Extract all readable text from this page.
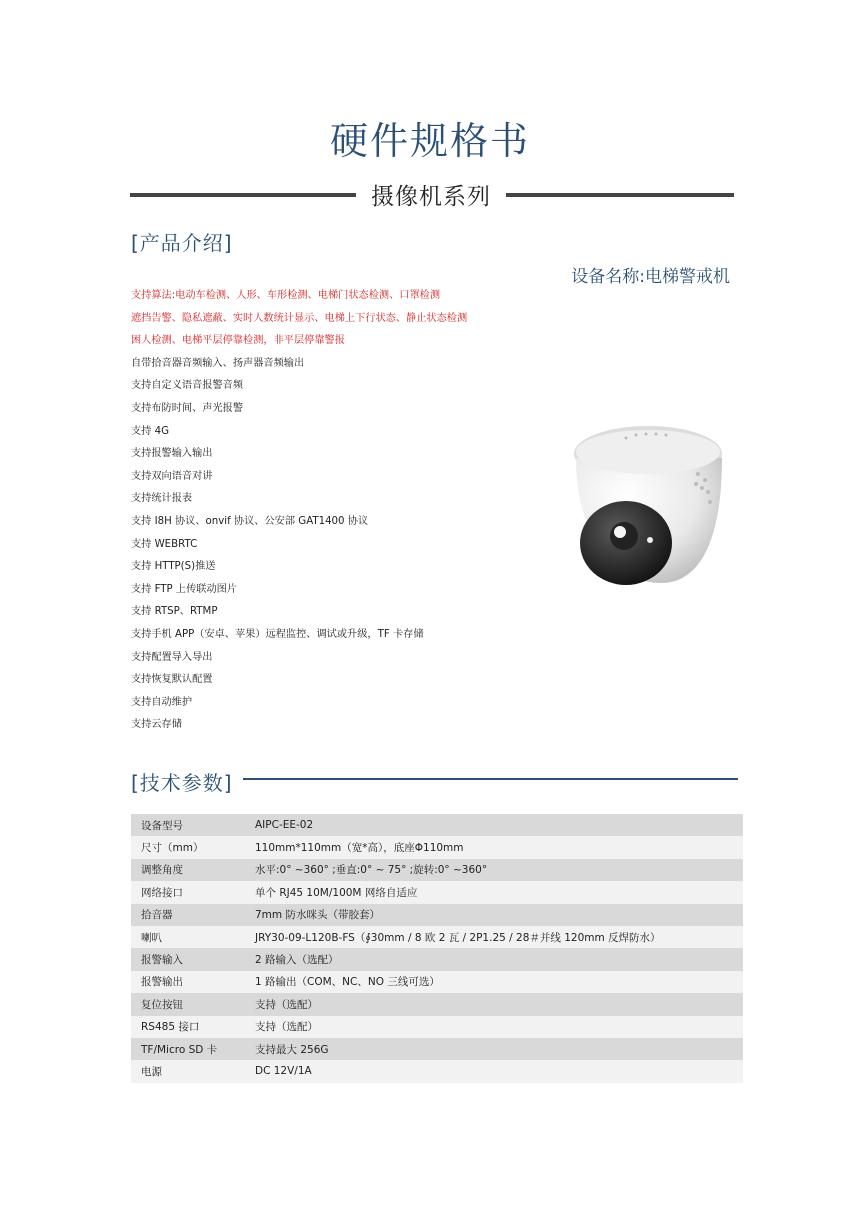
硬件规格书
摄像机系列
[产品介绍]
设备名称:电梯警戒机
支持算法:电动车检测、人形、车形检测、电梯门状态检测、口罩检测
遮挡告警、隐私遮蔽、实时人数统计显示、电梯上下行状态、静止状态检测
困人检测、电梯平层停靠检测，非平层停靠警报
自带拾音器音频输入、扬声器音频输出
支持自定义语音报警音频
支持布防时间、声光报警
支持 4G
支持报警输入输出
支持双向语音对讲
支持统计报表
支持 I8H 协议、onvif 协议、公安部 GAT1400 协议
支持 WEBRTC
支持 HTTP(S)推送
支持 FTP 上传联动图片
支持 RTSP、RTMP
支持手机 APP（安卓、苹果）远程监控、调试或升级，TF 卡存储
支持配置导入导出
支持恢复默认配置
支持自动维护
支持云存储
[技术参数]
设备型号	AIPC-EE-02
尺寸（mm）	110mm*110mm（宽*高），底座Φ110mm
调整角度	水平:0° ~360° ;垂直:0° ~ 75° ;旋转:0° ~360°
网络接口	单个 RJ45 10M/100M 网络自适应
拾音器	7mm 防水咪头（带胶套）
喇叭	JRY30-09-L120B-FS（∮30mm / 8 欧 2 瓦 / 2P1.25 / 28＃并线 120mm 反焊防水）
报警输入	2 路输入（选配）
报警输出	1 路输出（COM、NC、NO 三线可选）
复位按钮	支持（选配）
RS485 接口	支持（选配）
TF/Micro SD 卡	支持最大 256G
电源	DC 12V/1A
